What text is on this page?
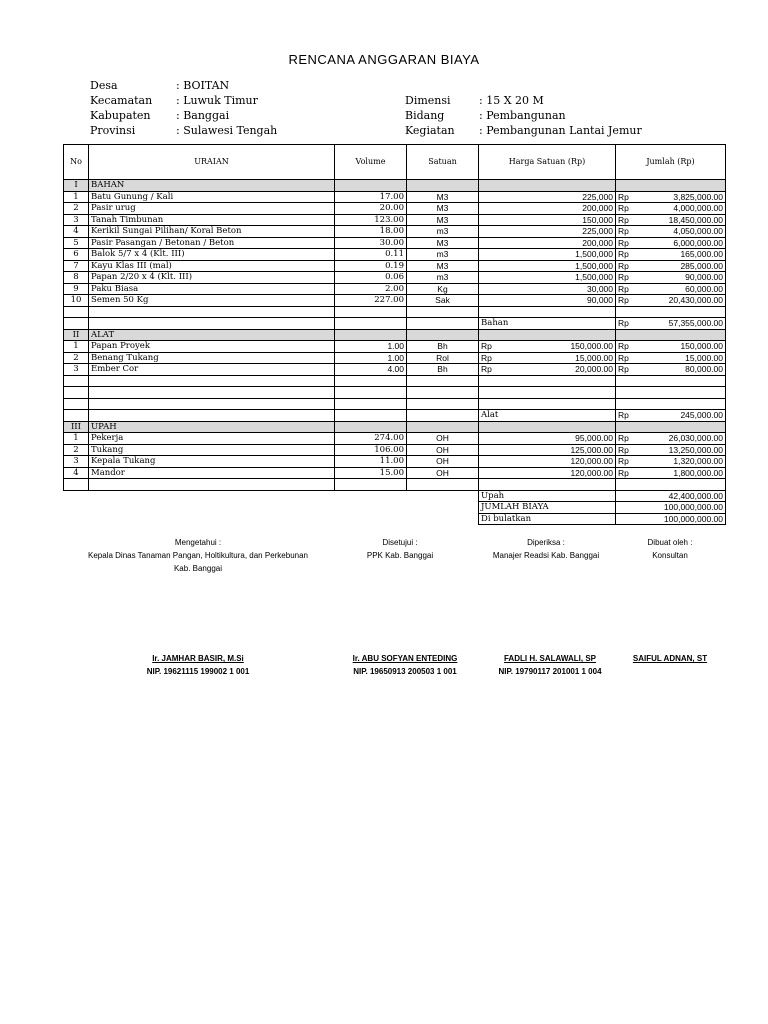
RENCANA ANGGARAN BIAYA
Desa	: BOITAN
Kecamatan : Luwuk Timur
Kabupaten : Banggai
Provinsi	: Sulawesi Tengah
Dimensi	: 15 X 20 M
Bidang	: Pembangunan
Kegiatan : Pembangunan Lantai Jemur
No	URAIAN	Volume	Satuan	Harga Satuan (Rp)	Jumlah (Rp)
I	BAHAN				
1	Batu Gunung / Kali	17.00	M3	225,000	Rp 3,825,000.00

2	Pasir urug	20.00	M3	200,000	Rp 4,000,000.00

3	Tanah Timbunan	123.00	M3	150,000	Rp 18,450,000.00

4	Kerikil Sungai Pilihan/ Koral Beton	18.00	m3	225,000	Rp 4,050,000.00

5	Pasir Pasangan / Betonan / Beton	30.00	M3	200,000	Rp 6,000,000.00

6	Balok 5/7 x 4 (Klt. III)	0.11	m3	1,500,000	Rp 165,000.00

7	Kayu Klas III (mal)	0.19	M3	1,500,000	Rp 285,000.00

8	Papan 2/20 x 4 (Klt. III)	0.06	m3	1,500,000	Rp 90,000.00

9	Paku Biasa	2.00	Kg	30,000	Rp 60,000.00

10	Semen 50 Kg	227.00	Sak	90,000	Rp 20,430,000.00

				Bahan	Rp 57,355,000.00

II	ALAT				
1	Papan Proyek	1.00	Bh	Rp 150,000.00	Rp 150,000.00

2	Benang Tukang	1.00	Rol	Rp 15,000.00	Rp 15,000.00

3	Ember Cor	4.00	Bh	Rp 20,000.00	Rp 80,000.00

				Alat	Rp 245,000.00

III	UPAH				
1	Pekerja	274.00	OH	95,000.00	Rp 26,030,000.00

2	Tukang	106.00	OH	125,000.00	Rp 13,250,000.00

3	Kepala Tukang	11.00	OH	120,000.00	Rp 1,320,000.00

4	Mandor	15.00	OH	120,000.00	Rp 1,800,000.00

				Upah	42,400,000.00
				JUMLAH BIAYA	100,000,000.00
				Di bulatkan	100,000,000.00
Mengetahui :
Kepala Dinas Tanaman Pangan, Holtikultura, dan Perkebunan
Kab. Banggai
Ir. JAMHAR BASIR, M.Si
NIP. 19621115 199002 1 001
Disetujui :
PPK Kab. Banggai
Ir. ABU SOFYAN ENTEDING
NIP. 19650913 200503 1 001
Diperiksa :
Manajer Readsi Kab. Banggai
FADLI H. SALAWALI, SP
NIP. 19790117 201001 1 004
Dibuat oleh :
Konsultan
SAIFUL ADNAN, ST
